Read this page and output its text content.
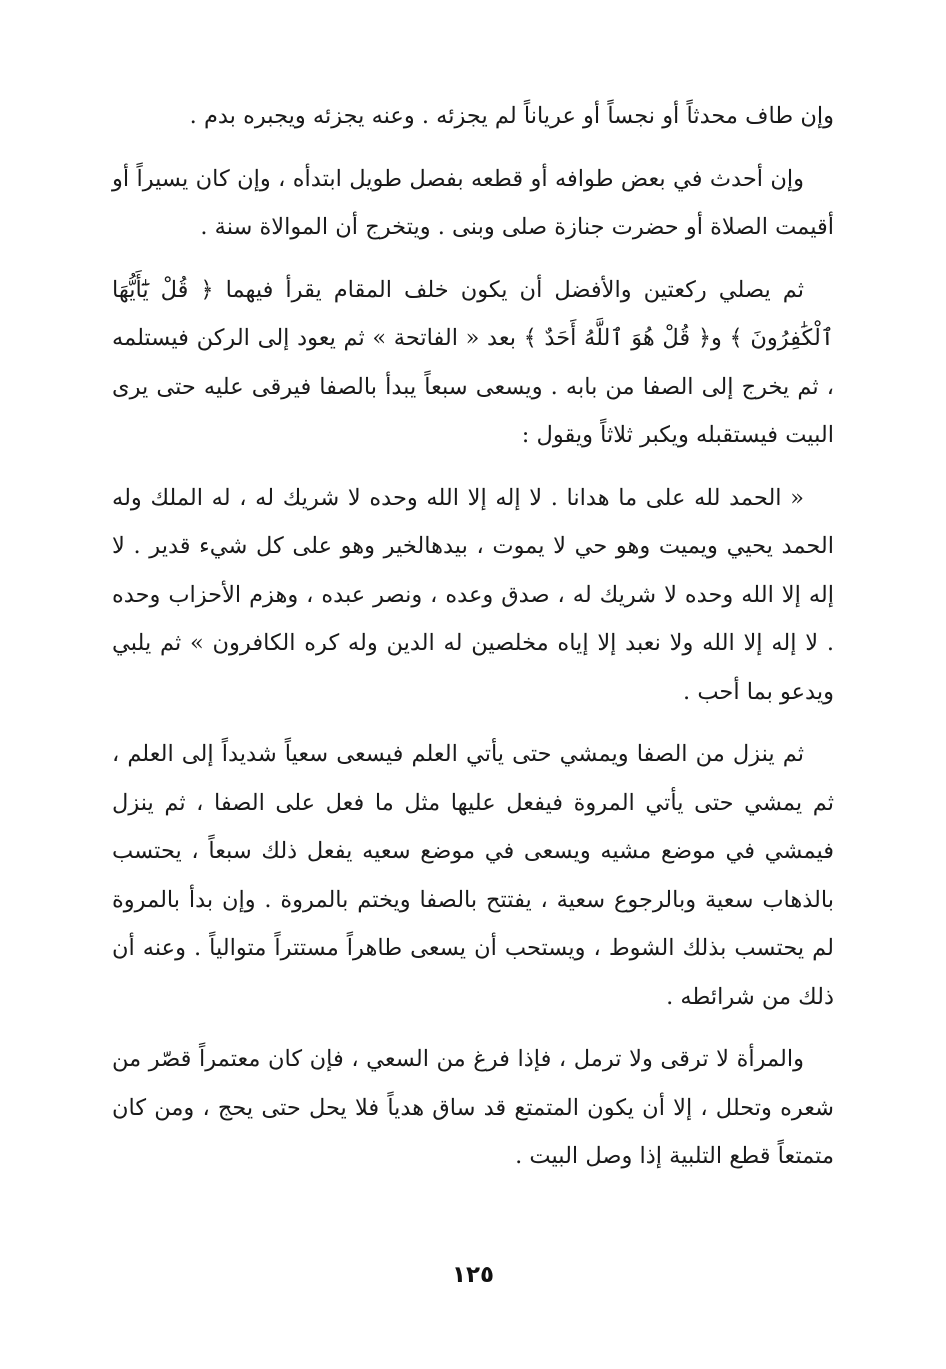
وإن طاف محدثاً أو نجساً أو عرياناً لم يجزئه . وعنه يجزئه ويجبره بدم .

وإن أحدث في بعض طوافه أو قطعه بفصل طويل ابتدأه ، وإن كان يسيراً أو أقيمت الصلاة أو حضرت جنازة صلى وبنى . ويتخرج أن الموالاة سنة .

ثم يصلي ركعتين والأفضل أن يكون خلف المقام يقرأ فيهما ﴿ قُلْ يَٰٓأَيُّهَا ٱلْكَٰفِرُونَ ﴾ و﴿ قُلْ هُوَ ٱللَّهُ أَحَدٌ ﴾ بعد « الفاتحة » ثم يعود إلى الركن فيستلمه ، ثم يخرج إلى الصفا من بابه . ويسعى سبعاً يبدأ بالصفا فيرقى عليه حتى يرى البيت فيستقبله ويكبر ثلاثاً ويقول :

« الحمد لله على ما هدانا . لا إله إلا الله وحده لا شريك له ، له الملك وله الحمد يحيي ويميت وهو حي لا يموت ، بيدهالخير وهو على كل شيء قدير . لا إله إلا الله وحده لا شريك له ، صدق وعده ، ونصر عبده ، وهزم الأحزاب وحده . لا إله إلا الله ولا نعبد إلا إياه مخلصين له الدين وله كره الكافرون » ثم يلبي ويدعو بما أحب .

ثم ينزل من الصفا ويمشي حتى يأتي العلم فيسعى سعياً شديداً إلى العلم ، ثم يمشي حتى يأتي المروة فيفعل عليها مثل ما فعل على الصفا ، ثم ينزل فيمشي في موضع مشيه ويسعى في موضع سعيه يفعل ذلك سبعاً ، يحتسب بالذهاب سعية وبالرجوع سعية ، يفتتح بالصفا ويختم بالمروة . وإن بدأ بالمروة لم يحتسب بذلك الشوط ، ويستحب أن يسعى طاهراً مستتراً متوالياً . وعنه أن ذلك من شرائطه .

والمرأة لا ترقى ولا ترمل ، فإذا فرغ من السعي ، فإن كان معتمراً قصّر من شعره وتحلل ، إلا أن يكون المتمتع قد ساق هدياً فلا يحل حتى يحج ، ومن كان متمتعاً قطع التلبية إذا وصل البيت .

١٢٥
